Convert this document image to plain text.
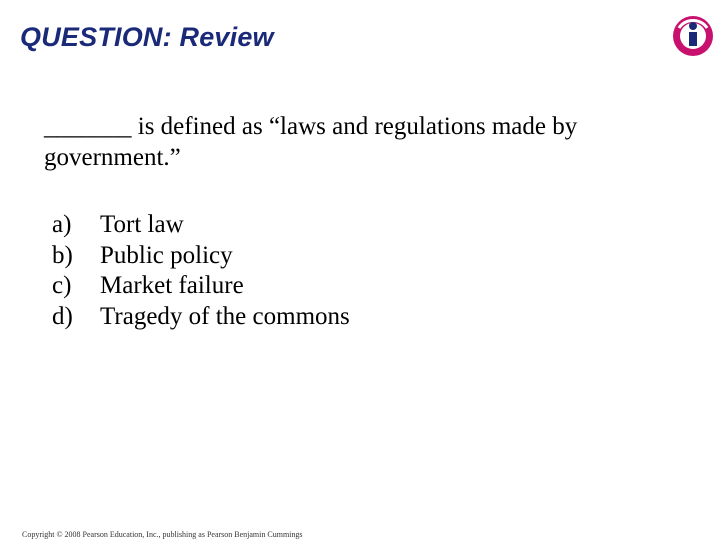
QUESTION: Review
_______ is defined as “laws and regulations made by government.”
a)	Tort law
b)	Public policy
c)	Market failure
d)	Tragedy of the commons
Copyright © 2008 Pearson Education, Inc., publishing as Pearson Benjamin Cummings
